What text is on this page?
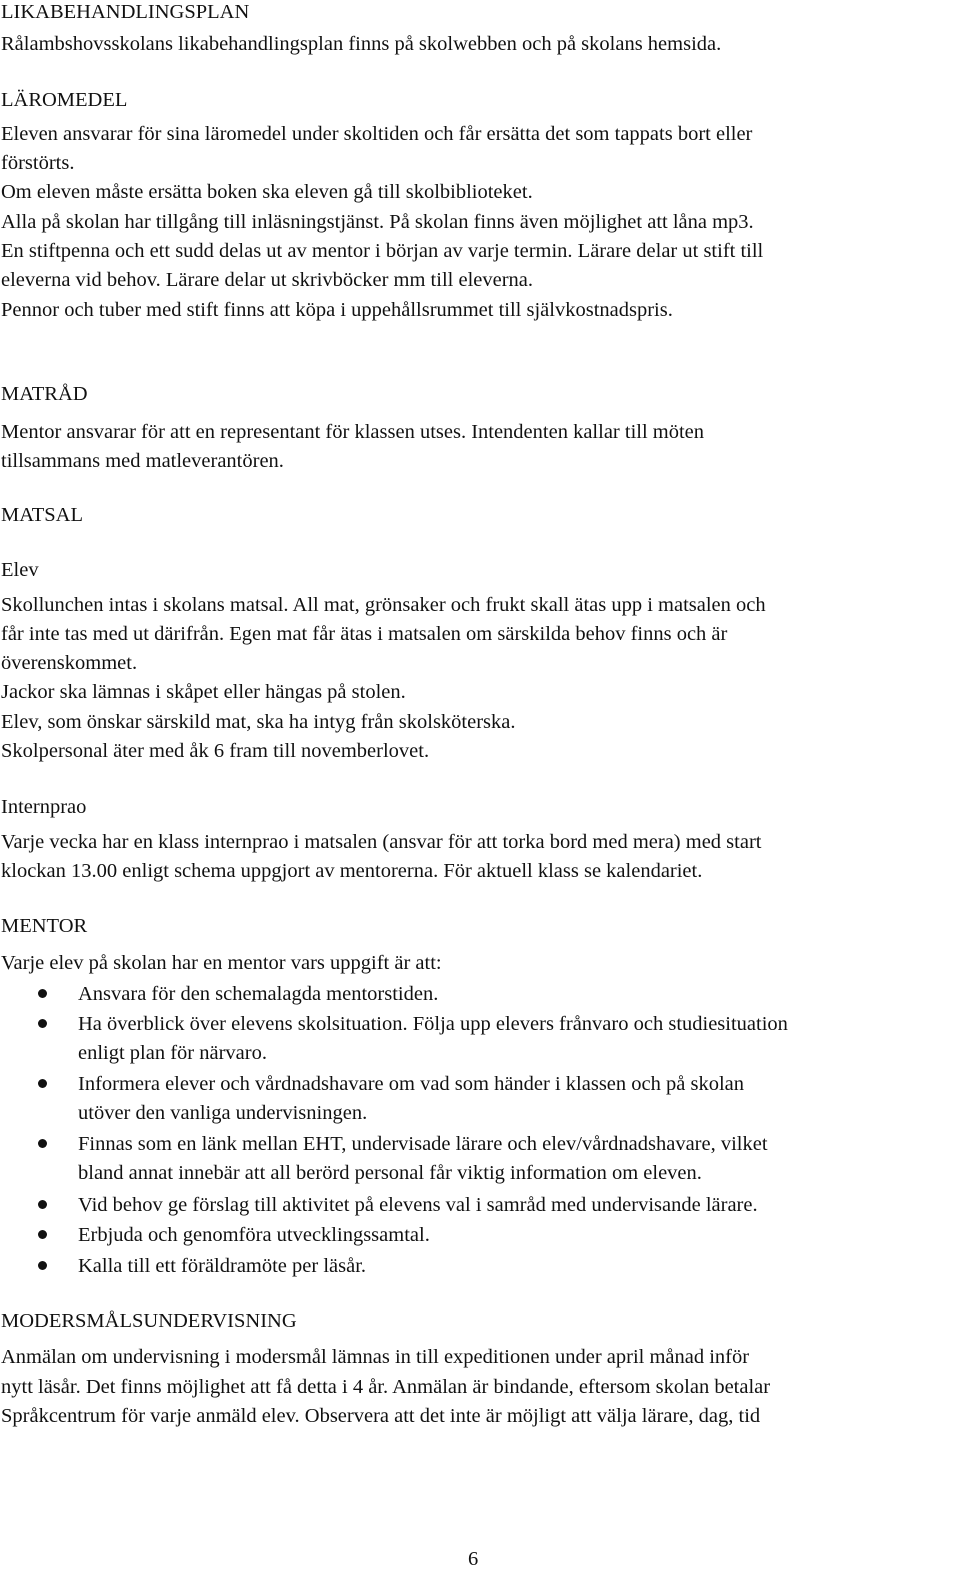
LIKABEHANDLINGSPLAN

Rålambshovsskolans likabehandlingsplan finns på skolwebben och på skolans hemsida.

LÄROMEDEL

Eleven ansvarar för sina läromedel under skoltiden och får ersätta det som tappats bort eller

förstörts.

Om eleven måste ersätta boken ska eleven gå till skolbiblioteket.

Alla på skolan har tillgång till inläsningstjänst. På skolan finns även möjlighet att låna mp3.

En stiftpenna och ett sudd delas ut av mentor i början av varje termin. Lärare delar ut stift till

eleverna vid behov. Lärare delar ut skrivböcker mm till eleverna.

Pennor och tuber med stift finns att köpa i uppehållsrummet till självkostnadspris.

MATRÅD

Mentor ansvarar för att en representant för klassen utses. Intendenten kallar till möten

tillsammans med matleverantören.

MATSAL

Elev

Skollunchen intas i skolans matsal. All mat, grönsaker och frukt skall ätas upp i matsalen och

får inte tas med ut därifrån. Egen mat får ätas i matsalen om särskilda behov finns och är

överenskommet.

Jackor ska lämnas i skåpet eller hängas på stolen.

Elev, som önskar särskild mat, ska ha intyg från skolsköterska.

Skolpersonal äter med åk 6 fram till novemberlovet.

Internprao

Varje vecka har en klass internprao i matsalen (ansvar för att torka bord med mera) med start

klockan 13.00 enligt schema uppgjort av mentorerna. För aktuell klass se kalendariet.

MENTOR

Varje elev på skolan har en mentor vars uppgift är att:

Ansvara för den schemalagda mentorstiden.

Ha överblick över elevens skolsituation. Följa upp elevers frånvaro och studiesituation

enligt plan för närvaro.

Informera elever och vårdnadshavare om vad som händer i klassen och på skolan

utöver den vanliga undervisningen.

Finnas som en länk mellan EHT, undervisade lärare och elev/vårdnadshavare, vilket

bland annat innebär att all berörd personal får viktig information om eleven.

Vid behov ge förslag till aktivitet på elevens val i samråd med undervisande lärare.

Erbjuda och genomföra utvecklingssamtal.

Kalla till ett föräldramöte per läsår.

MODERSMÅLSUNDERVISNING

Anmälan om undervisning i modersmål lämnas in till expeditionen under april månad inför

nytt läsår. Det finns möjlighet att få detta i 4 år. Anmälan är bindande, eftersom skolan betalar

Språkcentrum för varje anmäld elev. Observera att det inte är möjligt att välja lärare, dag, tid

6
